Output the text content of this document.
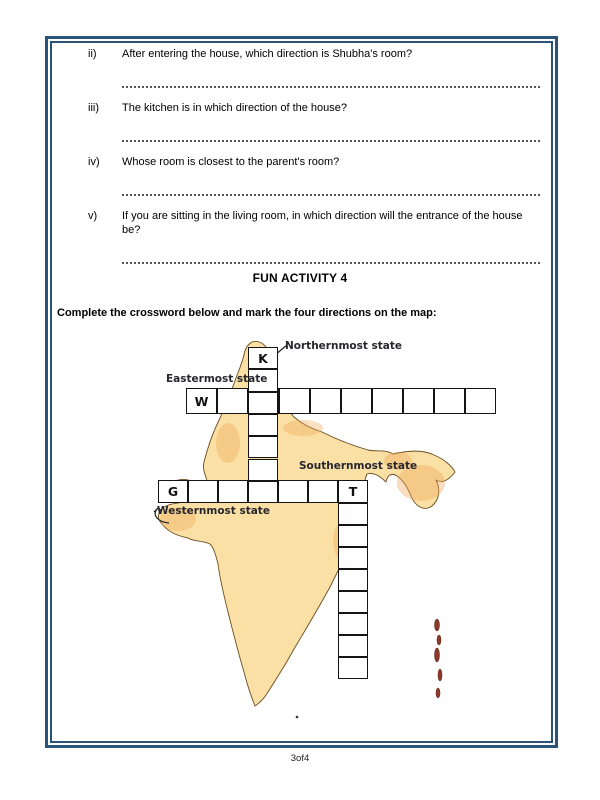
ii)	After entering the house, which direction is Shubha's room?
iii)	The kitchen is in which direction of the house?
iv)	Whose room is closest to the parent's room?
v)	If you are sitting in the living room, in which direction will the entrance of the house be?
FUN ACTIVITY 4
Complete the crossword below and mark the four directions on the map:
W
G	T
K
Northernmost state
Eastermost state
Southernmost state
Westernmost state
3of4
